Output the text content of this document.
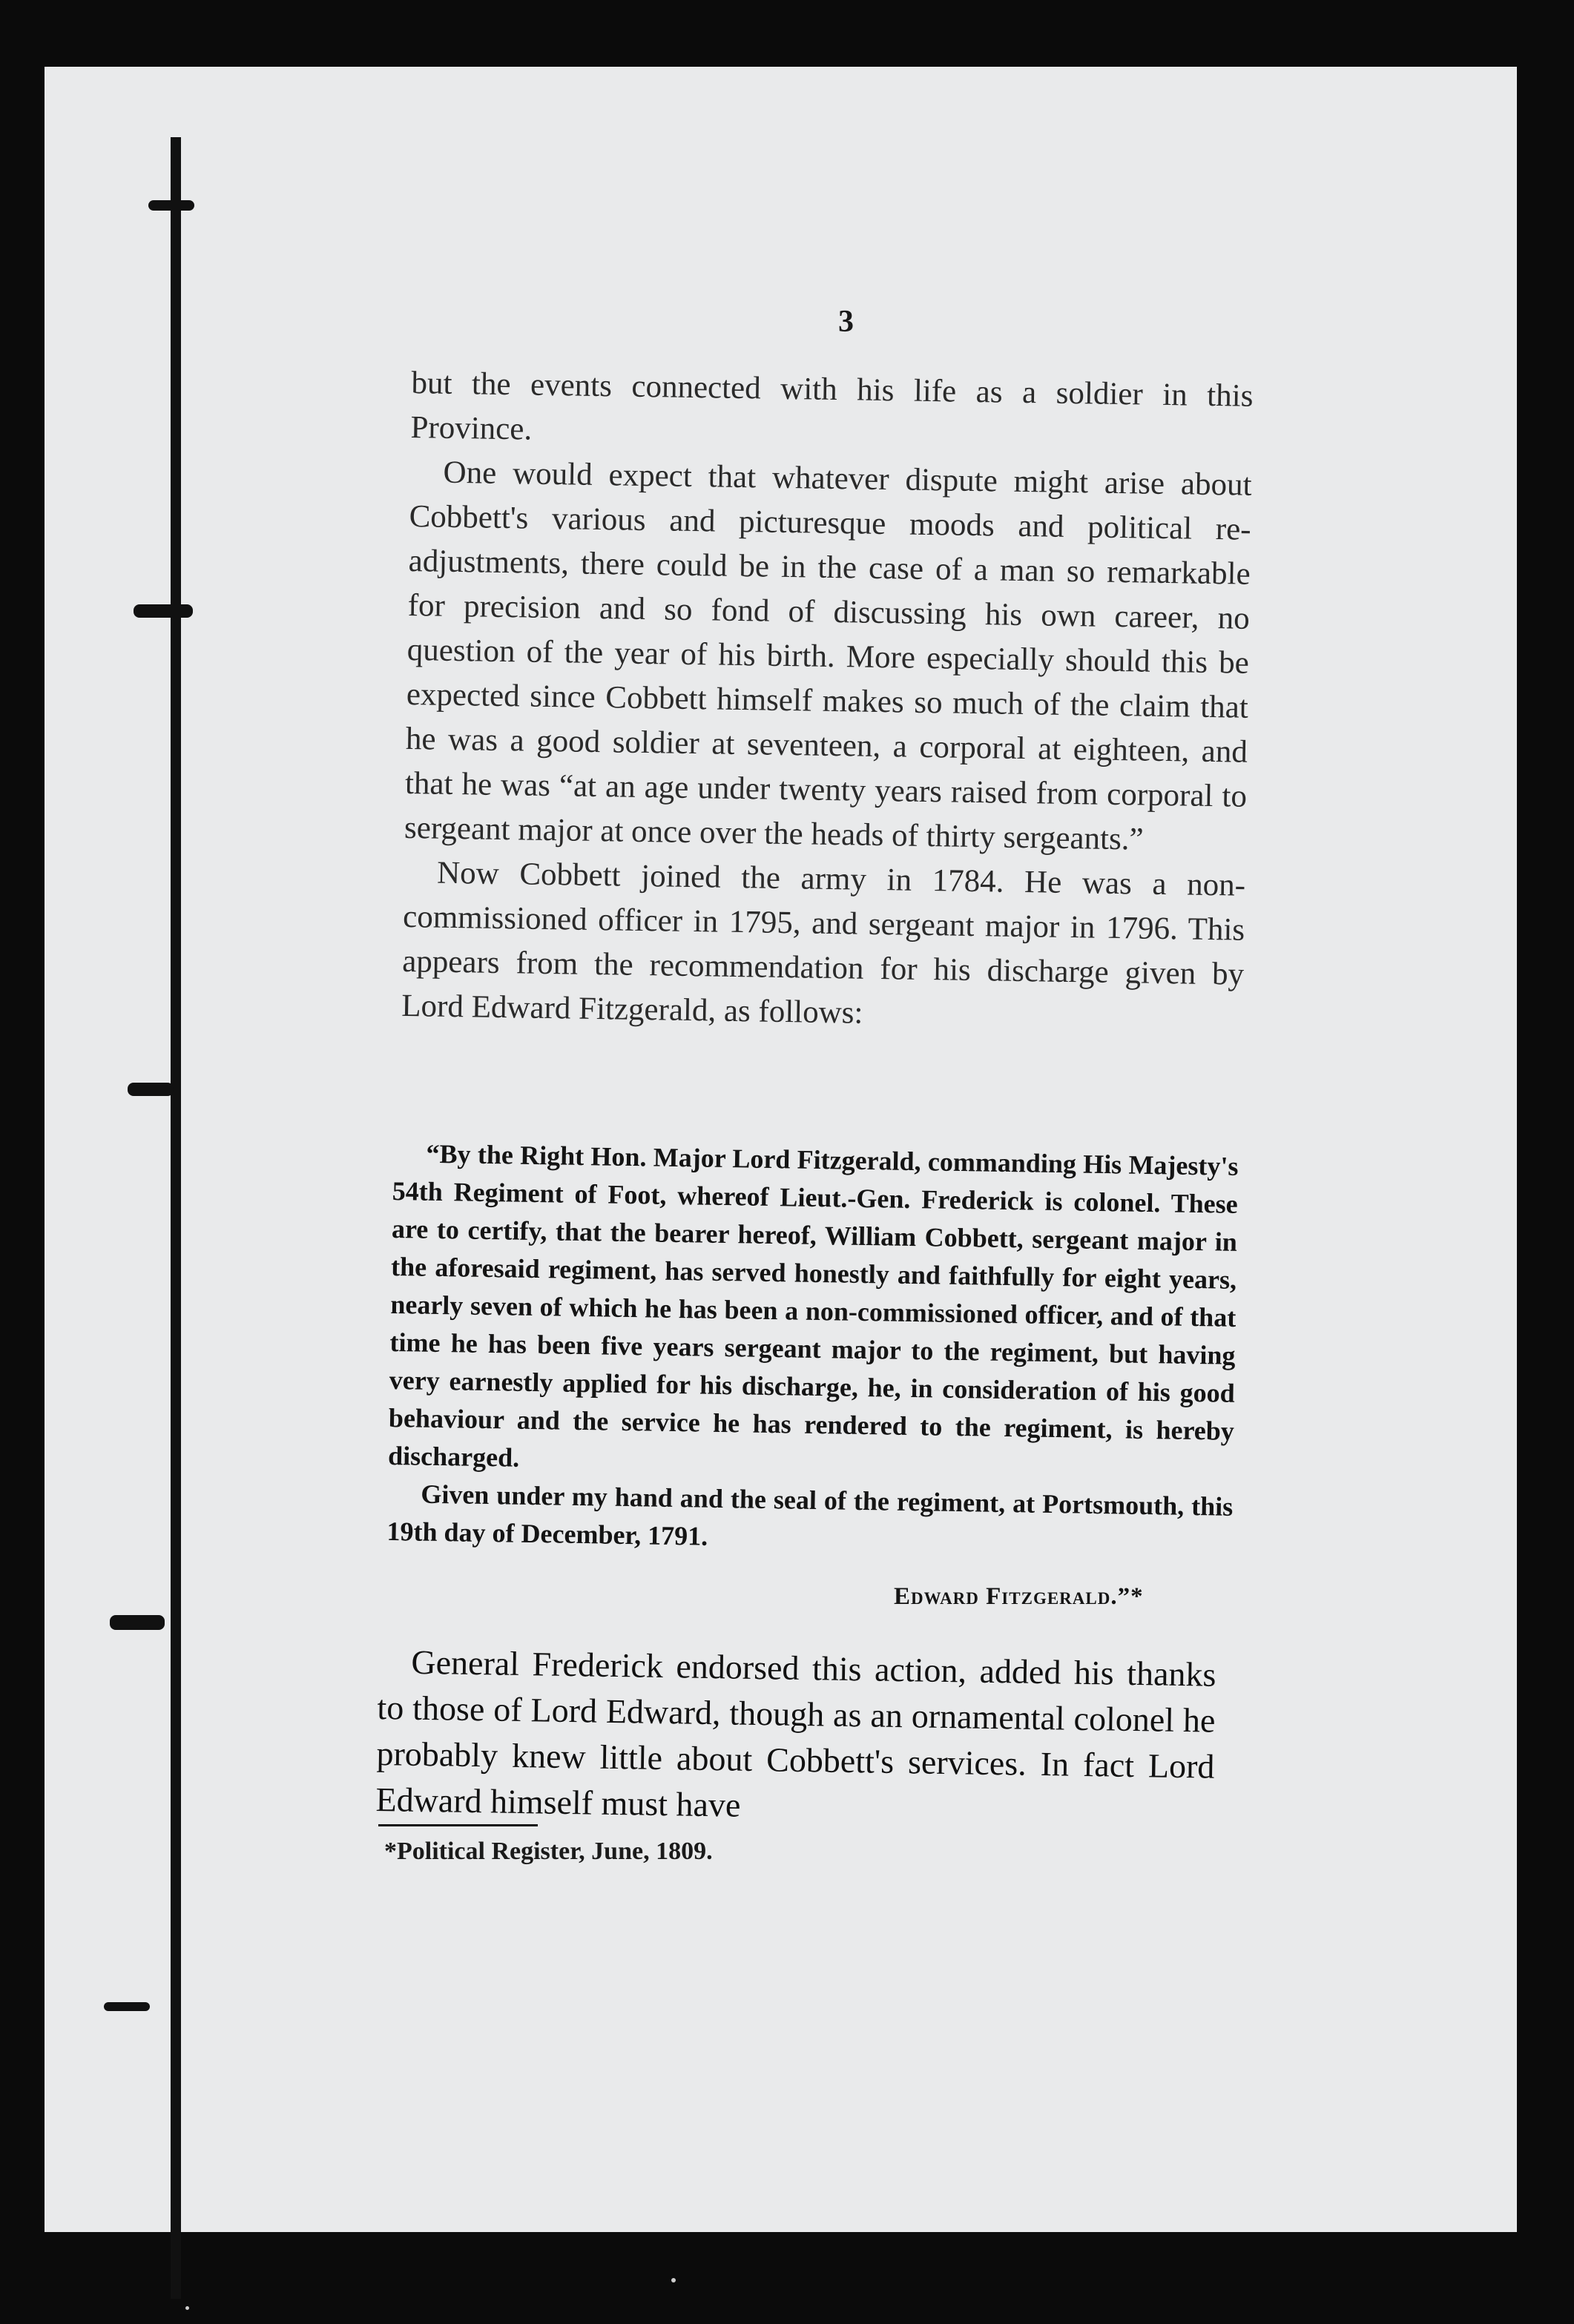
3

but the events connected with his life as a soldier in this Province.

One would expect that whatever dispute might arise about Cobbett's various and picturesque moods and political re-adjustments, there could be in the case of a man so remarkable for precision and so fond of discussing his own career, no question of the year of his birth. More especially should this be expected since Cobbett himself makes so much of the claim that he was a good soldier at seventeen, a corporal at eighteen, and that he was “at an age under twenty years raised from corporal to sergeant major at once over the heads of thirty sergeants.”

Now Cobbett joined the army in 1784. He was a non-commissioned officer in 1795, and sergeant major in 1796. This appears from the recommendation for his discharge given by Lord Edward Fitzgerald, as follows:

“By the Right Hon. Major Lord Fitzgerald, commanding His Majesty's 54th Regiment of Foot, whereof Lieut.-Gen. Frederick is colonel. These are to certify, that the bearer hereof, William Cobbett, sergeant major in the aforesaid regiment, has served honestly and faithfully for eight years, nearly seven of which he has been a non-commissioned officer, and of that time he has been five years sergeant major to the regiment, but having very earnestly applied for his discharge, he, in consideration of his good behaviour and the service he has rendered to the regiment, is hereby discharged.

Given under my hand and the seal of the regiment, at Portsmouth, this 19th day of December, 1791.

Edward Fitzgerald.”*

General Frederick endorsed this action, added his thanks to those of Lord Edward, though as an ornamental colonel he probably knew little about Cobbett's services. In fact Lord Edward himself must have

*Political Register, June, 1809.
